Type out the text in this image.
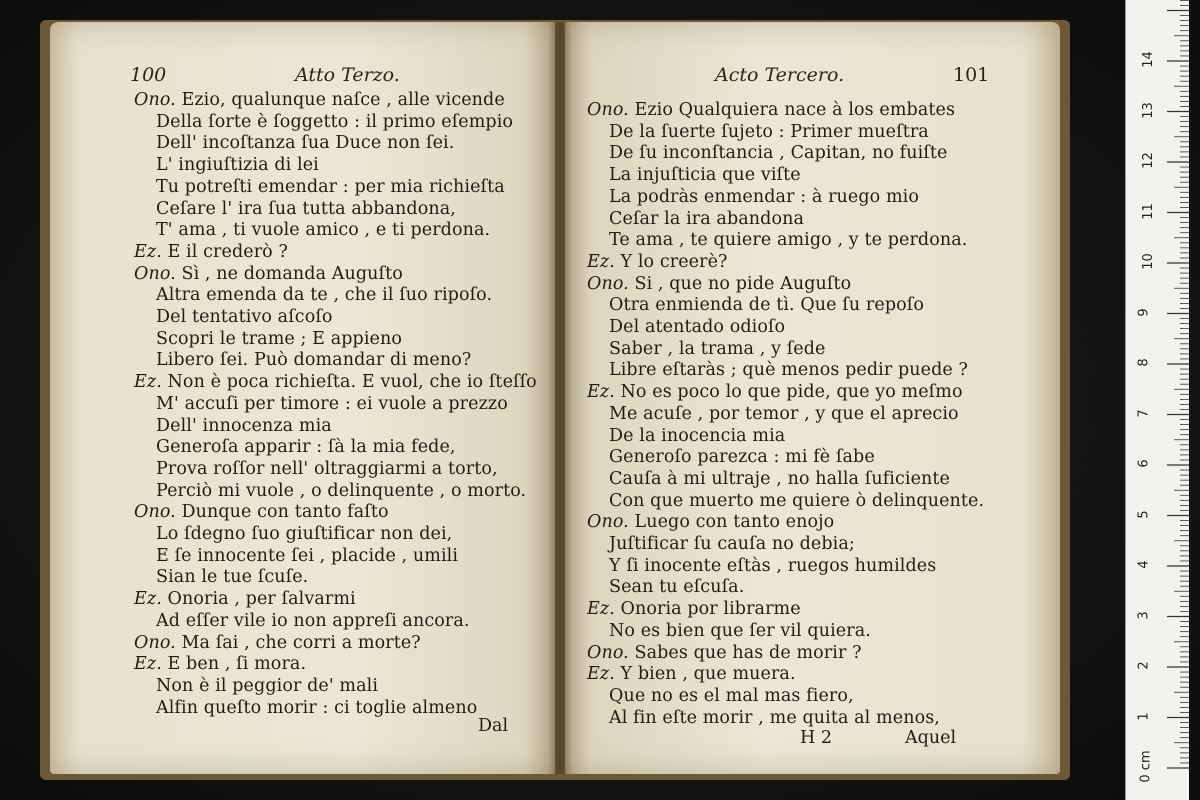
100	Atto Terzo.
Ono. Ezio, qualunque naſce , alle vicende
Della ſorte è ſoggetto : il primo eſempio
Dell' incoſtanza ſua Duce non ſei.
L' ingiuſtizia di lei
Tu potreſti emendar : per mia richieſta
Ceſare l' ira ſua tutta abbandona,
T' ama , ti vuole amico , e ti perdona.
Ez. E il crederò ?
Ono. Sì , ne domanda Auguſto
Altra emenda da te , che il ſuo ripoſo.
Del tentativo aſcoſo
Scopri le trame ; E appieno
Libero ſei. Può domandar di meno?
Ez. Non è poca richieſta. E vuol, che io ſteſſo
M' accuſi per timore : ei vuole a prezzo
Dell' innocenza mia
Generoſa apparir : ſà la mia fede,
Prova roſſor nell' oltraggiarmi a torto,
Perciò mi vuole , o delinquente , o morto.
Ono. Dunque con tanto faſto
Lo ſdegno ſuo giuſtificar non dei,
E ſe innocente ſei , placide , umili
Sian le tue ſcuſe.
Ez. Onoria , per ſalvarmi
Ad eſſer vile io non appreſi ancora.
Ono. Ma ſai , che corri a morte?
Ez. E ben , ſi mora.
Non è il peggior de' mali
Alfin queſto morir : ci toglie almeno
Dal
Acto Tercero.	101
Ono. Ezio Qualquiera nace à los embates
De la ſuerte ſujeto : Primer mueſtra
De ſu inconſtancia , Capitan, no fuiſte
La injuſticia que viſte
La podràs enmendar : à ruego mio
Ceſar la ira abandona
Te ama , te quiere amigo , y te perdona.
Ez. Y lo creerè?
Ono. Si , que no pide Auguſto
Otra enmienda de tì. Que ſu repoſo
Del atentado odioſo
Saber , la trama , y ſede
Libre eſtaràs ; què menos pedir puede ?
Ez. No es poco lo que pide, que yo meſmo
Me acuſe , por temor , y que el aprecio
De la inocencia mia
Generoſo parezca : mi fè ſabe
Cauſa à mi ultraje , no halla ſuficiente
Con que muerto me quiere ò delinquente.
Ono. Luego con tanto enojo
Juſtificar ſu cauſa no debia;
Y ſi inocente eſtàs , ruegos humildes
Sean tu eſcuſa.
Ez. Onoria por librarme
No es bien que ſer vil quiera.
Ono. Sabes que has de morir ?
Ez. Y bien , que muera.
Que no es el mal mas fiero,
Al fin eſte morir , me quita al menos,
H 2	Aquel
0 cm
1
2
3
4
5
6
7
8
9
10
11
12
13
14
